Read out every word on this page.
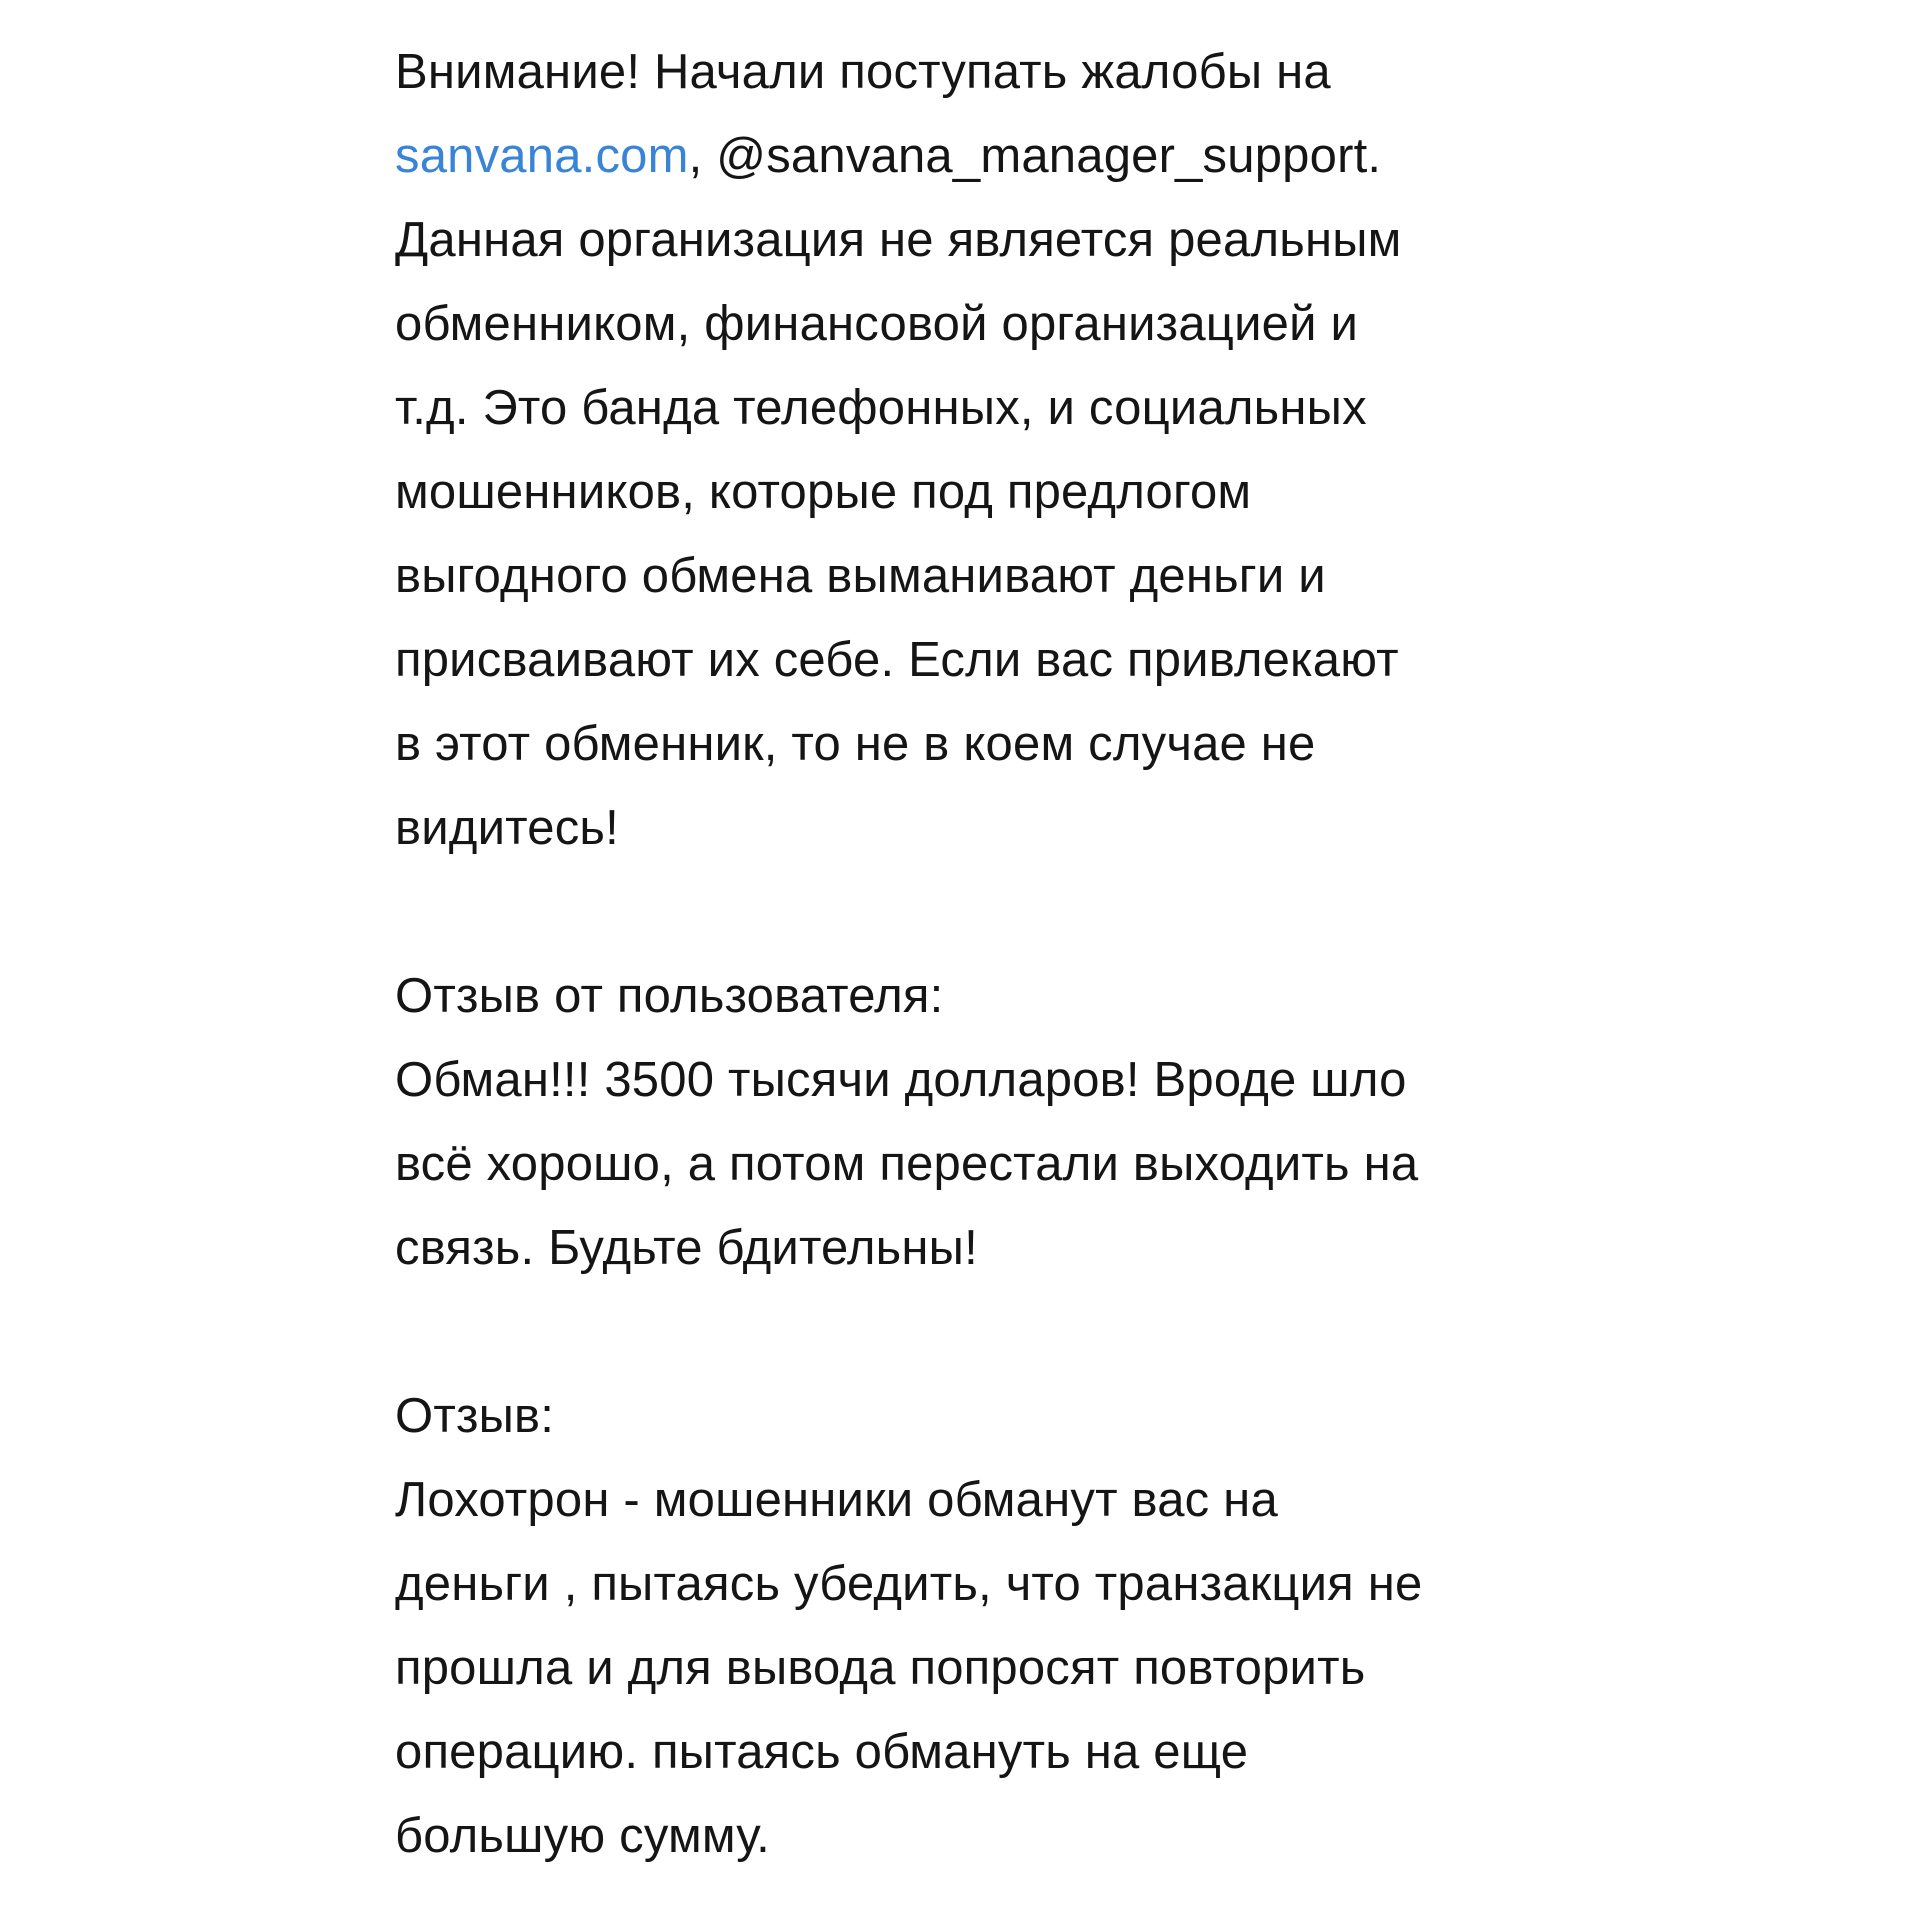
Внимание! Начали поступать жалобы на
sanvana.com, @sanvana_manager_support.
Данная организация не является реальным
обменником, финансовой организацией и
т.д. Это банда телефонных, и социальных
мошенников, которые под предлогом
выгодного обмена выманивают деньги и
присваивают их себе. Если вас привлекают
в этот обменник, то не в коем случае не
видитесь!
Отзыв от пользователя:
Обман!!! 3500 тысячи долларов! Вроде шло
всё хорошо, а потом перестали выходить на
связь. Будьте бдительны!
Отзыв:
Лохотрон - мошенники обманут вас на
деньги , пытаясь убедить, что транзакция не
прошла и для вывода попросят повторить
операцию. пытаясь обмануть на еще
большую сумму.
